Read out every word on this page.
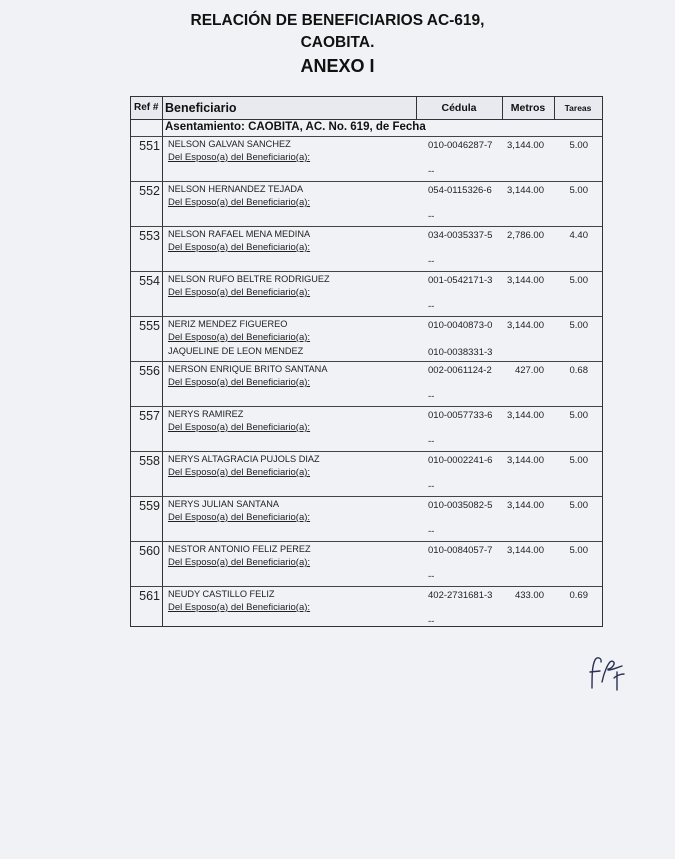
RELACIÓN DE BENEFICIARIOS AC-619,
CAOBITA.
ANEXO I
Ref # Beneficiario	Cédula	Metros	Tareas
Asentamiento: CAOBITA, AC. No. 619, de Fecha
551 NELSON GALVAN SANCHEZ	010-0046287-7	3,144.00	5.00
Del Esposo(a) del Beneficiario(a):
--
552 NELSON HERNANDEZ TEJADA	054-0115326-6	3,144.00	5.00
Del Esposo(a) del Beneficiario(a):
--
553 NELSON RAFAEL MENA MEDINA	034-0035337-5	2,786.00	4.40
Del Esposo(a) del Beneficiario(a):
--
554 NELSON RUFO BELTRE RODRIGUEZ	001-0542171-3	3,144.00	5.00
Del Esposo(a) del Beneficiario(a):
--
555 NERIZ MENDEZ FIGUEREO	010-0040873-0	3,144.00	5.00
Del Esposo(a) del Beneficiario(a):
JAQUELINE DE LEON MENDEZ	010-0038331-3
556 NERSON ENRIQUE BRITO SANTANA	002-0061124-2	427.00	0.68
Del Esposo(a) del Beneficiario(a):
--
557 NERYS RAMIREZ	010-0057733-6	3,144.00	5.00
Del Esposo(a) del Beneficiario(a):
--
558 NERYS ALTAGRACIA PUJOLS DIAZ	010-0002241-6	3,144.00	5.00
Del Esposo(a) del Beneficiario(a):
--
559 NERYS JULIAN SANTANA	010-0035082-5	3,144.00	5.00
Del Esposo(a) del Beneficiario(a):
--
560 NESTOR ANTONIO FELIZ PEREZ	010-0084057-7	3,144.00	5.00
Del Esposo(a) del Beneficiario(a):
--
561 NEUDY CASTILLO FELIZ	402-2731681-3	433.00	0.69
Del Esposo(a) del Beneficiario(a):
--
